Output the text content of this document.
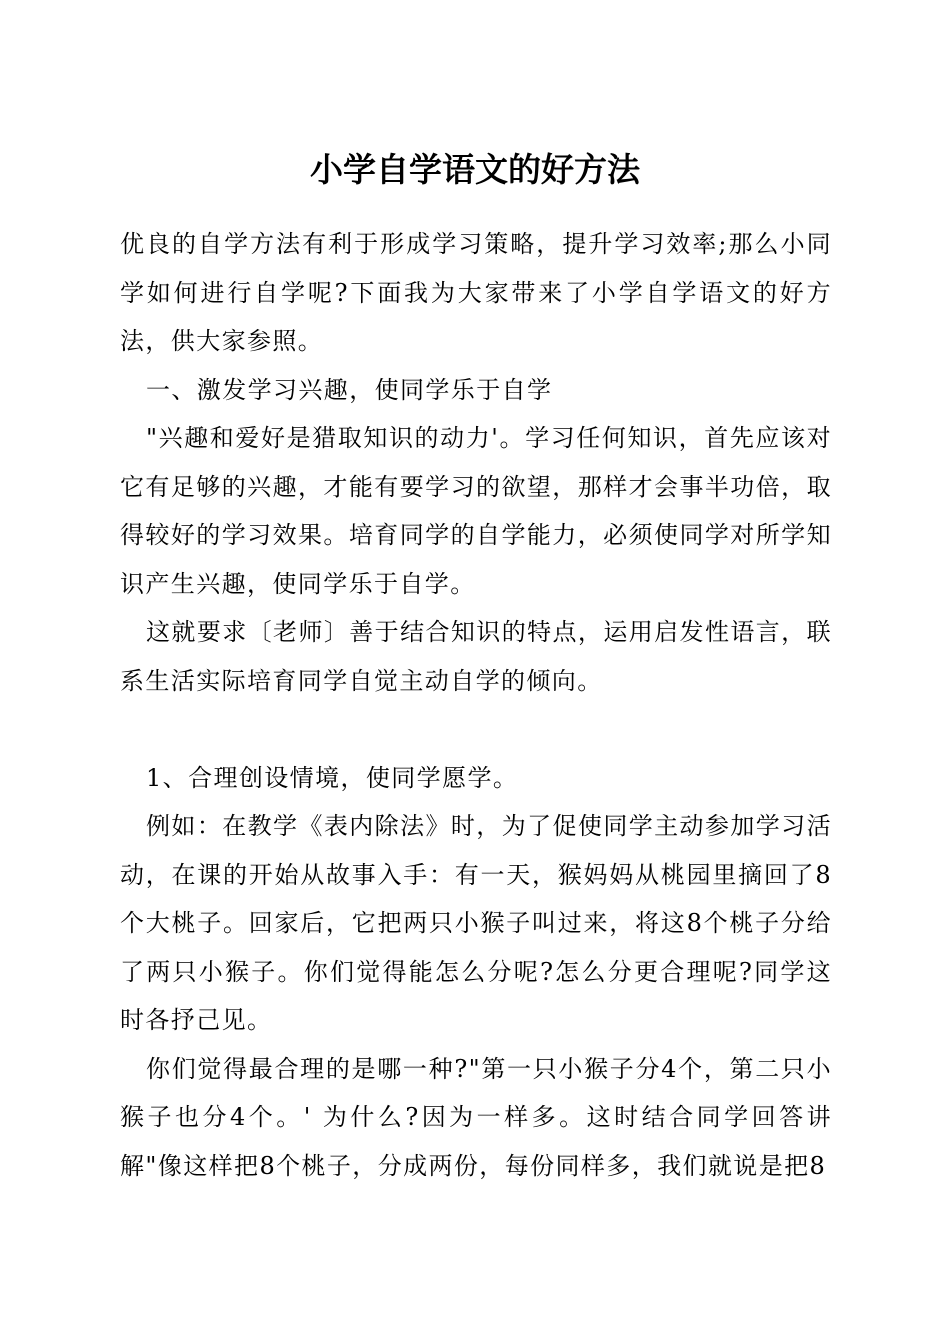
小学自学语文的好方法

优良的自学方法有利于形成学习策略，提升学习效率;那么小同学如何进行自学呢?下面我为大家带来了小学自学语文的好方法，供大家参照。

一、激发学习兴趣，使同学乐于自学

"兴趣和爱好是猎取知识的动力'。学习任何知识，首先应该对它有足够的兴趣，才能有要学习的欲望，那样才会事半功倍，取得较好的学习效果。培育同学的自学能力，必须使同学对所学知识产生兴趣，使同学乐于自学。

这就要求〔老师〕善于结合知识的特点，运用启发性语言，联系生活实际培育同学自觉主动自学的倾向。

1、合理创设情境，使同学愿学。

例如：在教学《表内除法》时，为了促使同学主动参加学习活动，在课的开始从故事入手：有一天，猴妈妈从桃园里摘回了8个大桃子。回家后，它把两只小猴子叫过来，将这8个桃子分给了两只小猴子。你们觉得能怎么分呢?怎么分更合理呢?同学这时各抒己见。

你们觉得最合理的是哪一种?"第一只小猴子分4个，第二只小猴子也分4个。' 为什么?因为一样多。这时结合同学回答讲解"像这样把8个桃子，分成两份，每份同样多，我们就说是把8
